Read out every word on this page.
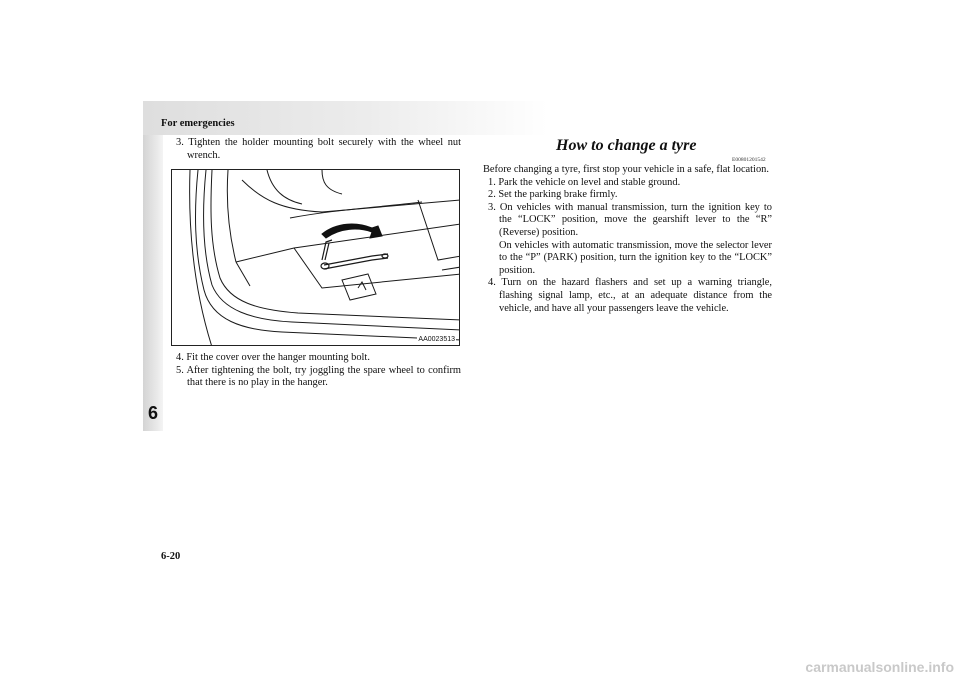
For emergencies
6

3. Tighten the holder mounting bolt securely with the wheel nut wrench.

AA0023513

4. Fit the cover over the hanger mounting bolt.

5. After tightening the bolt, try joggling the spare wheel to confirm that there is no play in the hanger.

How to change a tyre
E00801201542

Before changing a tyre, first stop your vehicle in a safe, flat location.

1. Park the vehicle on level and stable ground.

2. Set the parking brake firmly.

3. On vehicles with manual transmission, turn the ignition key to the “LOCK” position, move the gearshift lever to the “R” (Reverse) position.

On vehicles with automatic transmission, move the selector lever to the “P” (PARK) position, turn the ignition key to the “LOCK” position.

4. Turn on the hazard flashers and set up a warning triangle, flashing signal lamp, etc., at an adequate distance from the vehicle, and have all your passengers leave the vehicle.

6-20
carmanualsonline.info
